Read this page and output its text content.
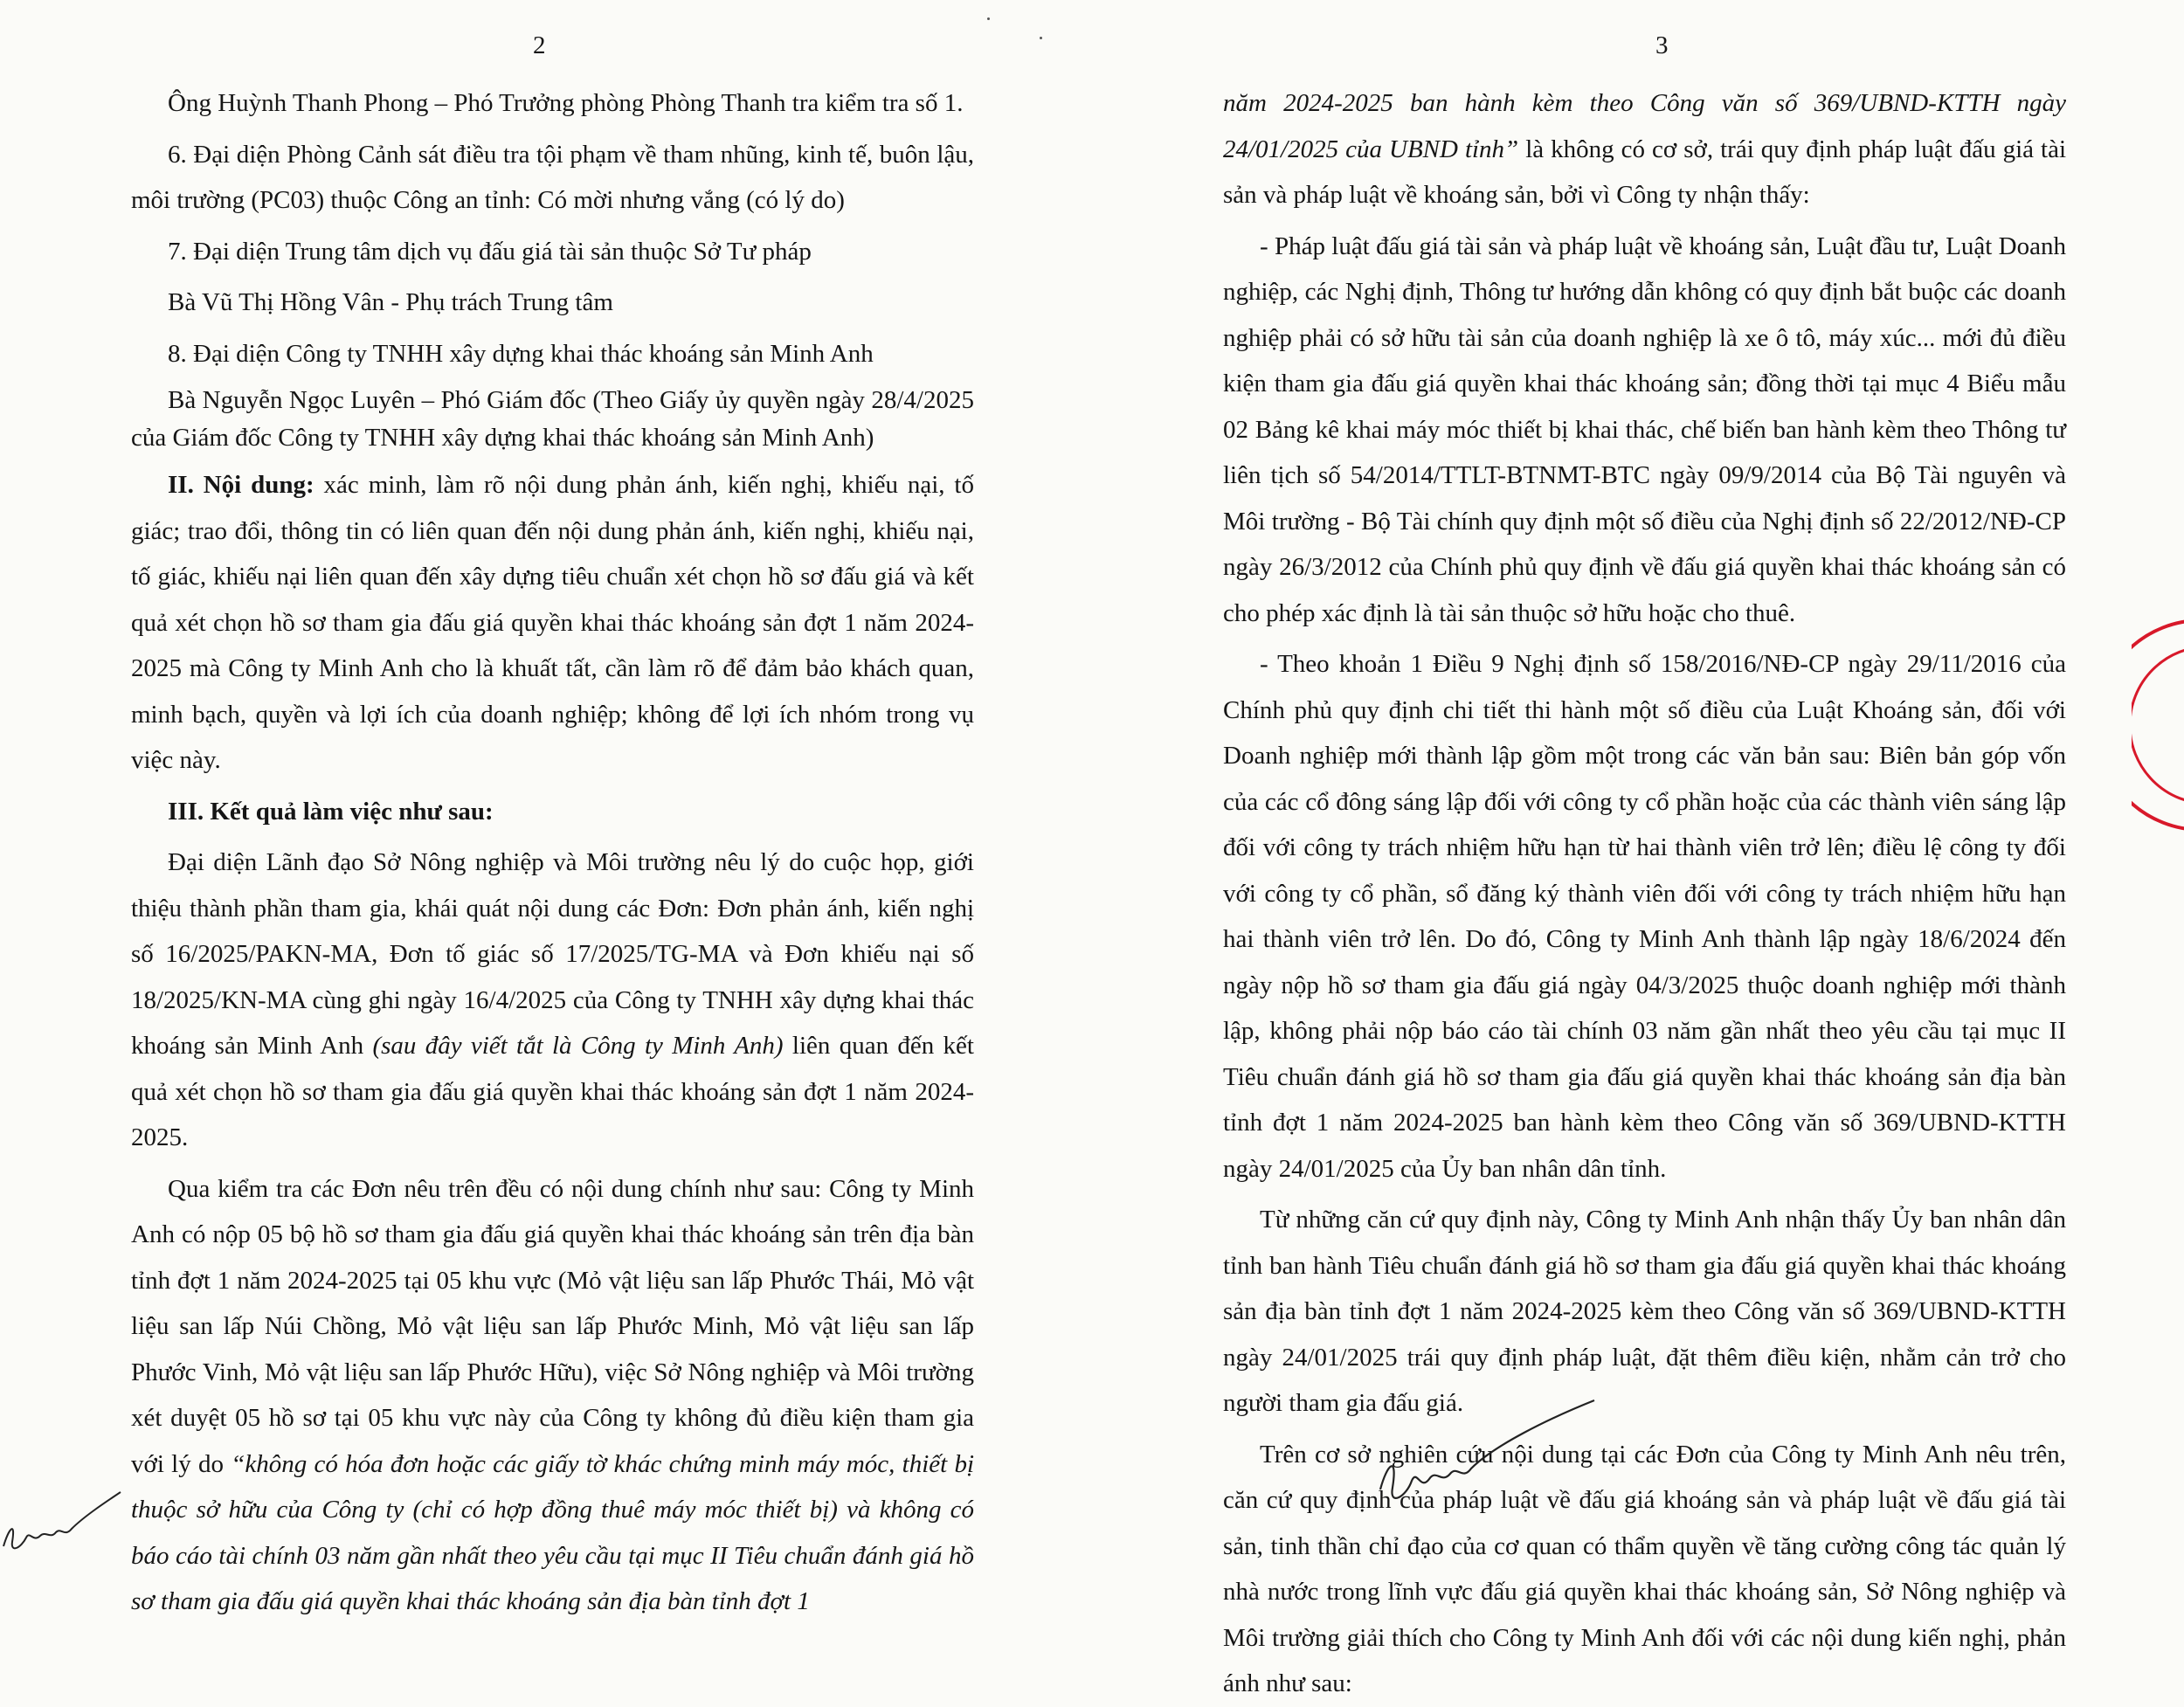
2

Ông Huỳnh Thanh Phong – Phó Trưởng phòng Phòng Thanh tra kiểm tra số 1.

6. Đại diện Phòng Cảnh sát điều tra tội phạm về tham nhũng, kinh tế, buôn lậu, môi trường (PC03) thuộc Công an tỉnh: Có mời nhưng vắng (có lý do)

7. Đại diện Trung tâm dịch vụ đấu giá tài sản thuộc Sở Tư pháp

Bà Vũ Thị Hồng Vân - Phụ trách Trung tâm

8. Đại diện Công ty TNHH xây dựng khai thác khoáng sản Minh Anh

Bà Nguyễn Ngọc Luyên – Phó Giám đốc (Theo Giấy ủy quyền ngày 28/4/2025 của Giám đốc Công ty TNHH xây dựng khai thác khoáng sản Minh Anh)

II. Nội dung: xác minh, làm rõ nội dung phản ánh, kiến nghị, khiếu nại, tố giác; trao đổi, thông tin có liên quan đến nội dung phản ánh, kiến nghị, khiếu nại, tố giác, khiếu nại liên quan đến xây dựng tiêu chuẩn xét chọn hồ sơ đấu giá và kết quả xét chọn hồ sơ tham gia đấu giá quyền khai thác khoáng sản đợt 1 năm 2024-2025 mà Công ty Minh Anh cho là khuất tất, cần làm rõ để đảm bảo khách quan, minh bạch, quyền và lợi ích của doanh nghiệp; không để lợi ích nhóm trong vụ việc này.

III. Kết quả làm việc như sau:

Đại diện Lãnh đạo Sở Nông nghiệp và Môi trường nêu lý do cuộc họp, giới thiệu thành phần tham gia, khái quát nội dung các Đơn: Đơn phản ánh, kiến nghị số 16/2025/PAKN-MA, Đơn tố giác số 17/2025/TG-MA và Đơn khiếu nại số 18/2025/KN-MA cùng ghi ngày 16/4/2025 của Công ty TNHH xây dựng khai thác khoáng sản Minh Anh (sau đây viết tắt là Công ty Minh Anh) liên quan đến kết quả xét chọn hồ sơ tham gia đấu giá quyền khai thác khoáng sản đợt 1 năm 2024-2025.

Qua kiểm tra các Đơn nêu trên đều có nội dung chính như sau: Công ty Minh Anh có nộp 05 bộ hồ sơ tham gia đấu giá quyền khai thác khoáng sản trên địa bàn tỉnh đợt 1 năm 2024-2025 tại 05 khu vực (Mỏ vật liệu san lấp Phước Thái, Mỏ vật liệu san lấp Núi Chồng, Mỏ vật liệu san lấp Phước Minh, Mỏ vật liệu san lấp Phước Vinh, Mỏ vật liệu san lấp Phước Hữu), việc Sở Nông nghiệp và Môi trường xét duyệt 05 hồ sơ tại 05 khu vực này của Công ty không đủ điều kiện tham gia với lý do “không có hóa đơn hoặc các giấy tờ khác chứng minh máy móc, thiết bị thuộc sở hữu của Công ty (chỉ có hợp đồng thuê máy móc thiết bị) và không có báo cáo tài chính 03 năm gần nhất theo yêu cầu tại mục II Tiêu chuẩn đánh giá hồ sơ tham gia đấu giá quyền khai thác khoáng sản địa bàn tỉnh đợt 1

3

năm 2024-2025 ban hành kèm theo Công văn số 369/UBND-KTTH ngày 24/01/2025 của UBND tỉnh” là không có cơ sở, trái quy định pháp luật đấu giá tài sản và pháp luật về khoáng sản, bởi vì Công ty nhận thấy:

- Pháp luật đấu giá tài sản và pháp luật về khoáng sản, Luật đầu tư, Luật Doanh nghiệp, các Nghị định, Thông tư hướng dẫn không có quy định bắt buộc các doanh nghiệp phải có sở hữu tài sản của doanh nghiệp là xe ô tô, máy xúc... mới đủ điều kiện tham gia đấu giá quyền khai thác khoáng sản; đồng thời tại mục 4 Biểu mẫu 02 Bảng kê khai máy móc thiết bị khai thác, chế biến ban hành kèm theo Thông tư liên tịch số 54/2014/TTLT-BTNMT-BTC ngày 09/9/2014 của Bộ Tài nguyên và Môi trường - Bộ Tài chính quy định một số điều của Nghị định số 22/2012/NĐ-CP ngày 26/3/2012 của Chính phủ quy định về đấu giá quyền khai thác khoáng sản có cho phép xác định là tài sản thuộc sở hữu hoặc cho thuê.

- Theo khoản 1 Điều 9 Nghị định số 158/2016/NĐ-CP ngày 29/11/2016 của Chính phủ quy định chi tiết thi hành một số điều của Luật Khoáng sản, đối với Doanh nghiệp mới thành lập gồm một trong các văn bản sau: Biên bản góp vốn của các cổ đông sáng lập đối với công ty cổ phần hoặc của các thành viên sáng lập đối với công ty trách nhiệm hữu hạn từ hai thành viên trở lên; điều lệ công ty đối với công ty cổ phần, sổ đăng ký thành viên đối với công ty trách nhiệm hữu hạn hai thành viên trở lên. Do đó, Công ty Minh Anh thành lập ngày 18/6/2024 đến ngày nộp hồ sơ tham gia đấu giá ngày 04/3/2025 thuộc doanh nghiệp mới thành lập, không phải nộp báo cáo tài chính 03 năm gần nhất theo yêu cầu tại mục II Tiêu chuẩn đánh giá hồ sơ tham gia đấu giá quyền khai thác khoáng sản địa bàn tỉnh đợt 1 năm 2024-2025 ban hành kèm theo Công văn số 369/UBND-KTTH ngày 24/01/2025 của Ủy ban nhân dân tỉnh.

Từ những căn cứ quy định này, Công ty Minh Anh nhận thấy Ủy ban nhân dân tỉnh ban hành Tiêu chuẩn đánh giá hồ sơ tham gia đấu giá quyền khai thác khoáng sản địa bàn tỉnh đợt 1 năm 2024-2025 kèm theo Công văn số 369/UBND-KTTH ngày 24/01/2025 trái quy định pháp luật, đặt thêm điều kiện, nhằm cản trở cho người tham gia đấu giá.

Trên cơ sở nghiên cứu nội dung tại các Đơn của Công ty Minh Anh nêu trên, căn cứ quy định của pháp luật về đấu giá khoáng sản và pháp luật về đấu giá tài sản, tinh thần chỉ đạo của cơ quan có thẩm quyền về tăng cường công tác quản lý nhà nước trong lĩnh vực đấu giá quyền khai thác khoáng sản, Sở Nông nghiệp và Môi trường giải thích cho Công ty Minh Anh đối với các nội dung kiến nghị, phản ánh như sau:
